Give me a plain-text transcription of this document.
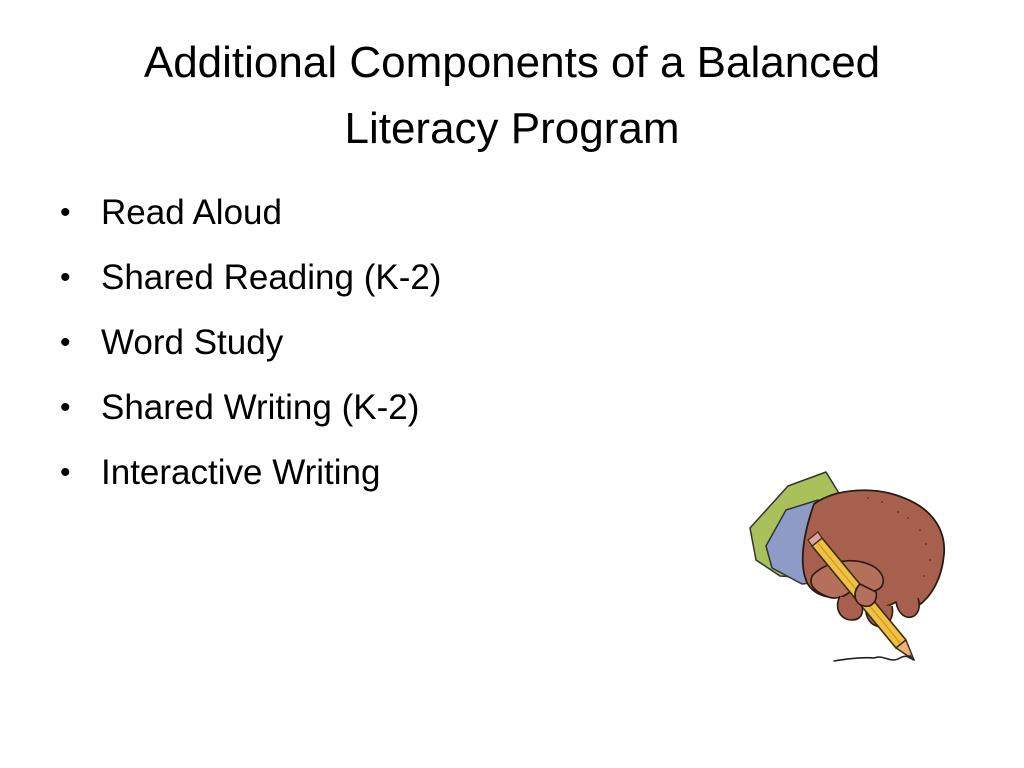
Additional Components of a Balanced
Literacy Program
• Read Aloud
• Shared Reading (K-2)
• Word Study
• Shared Writing (K-2)
• Interactive Writing
